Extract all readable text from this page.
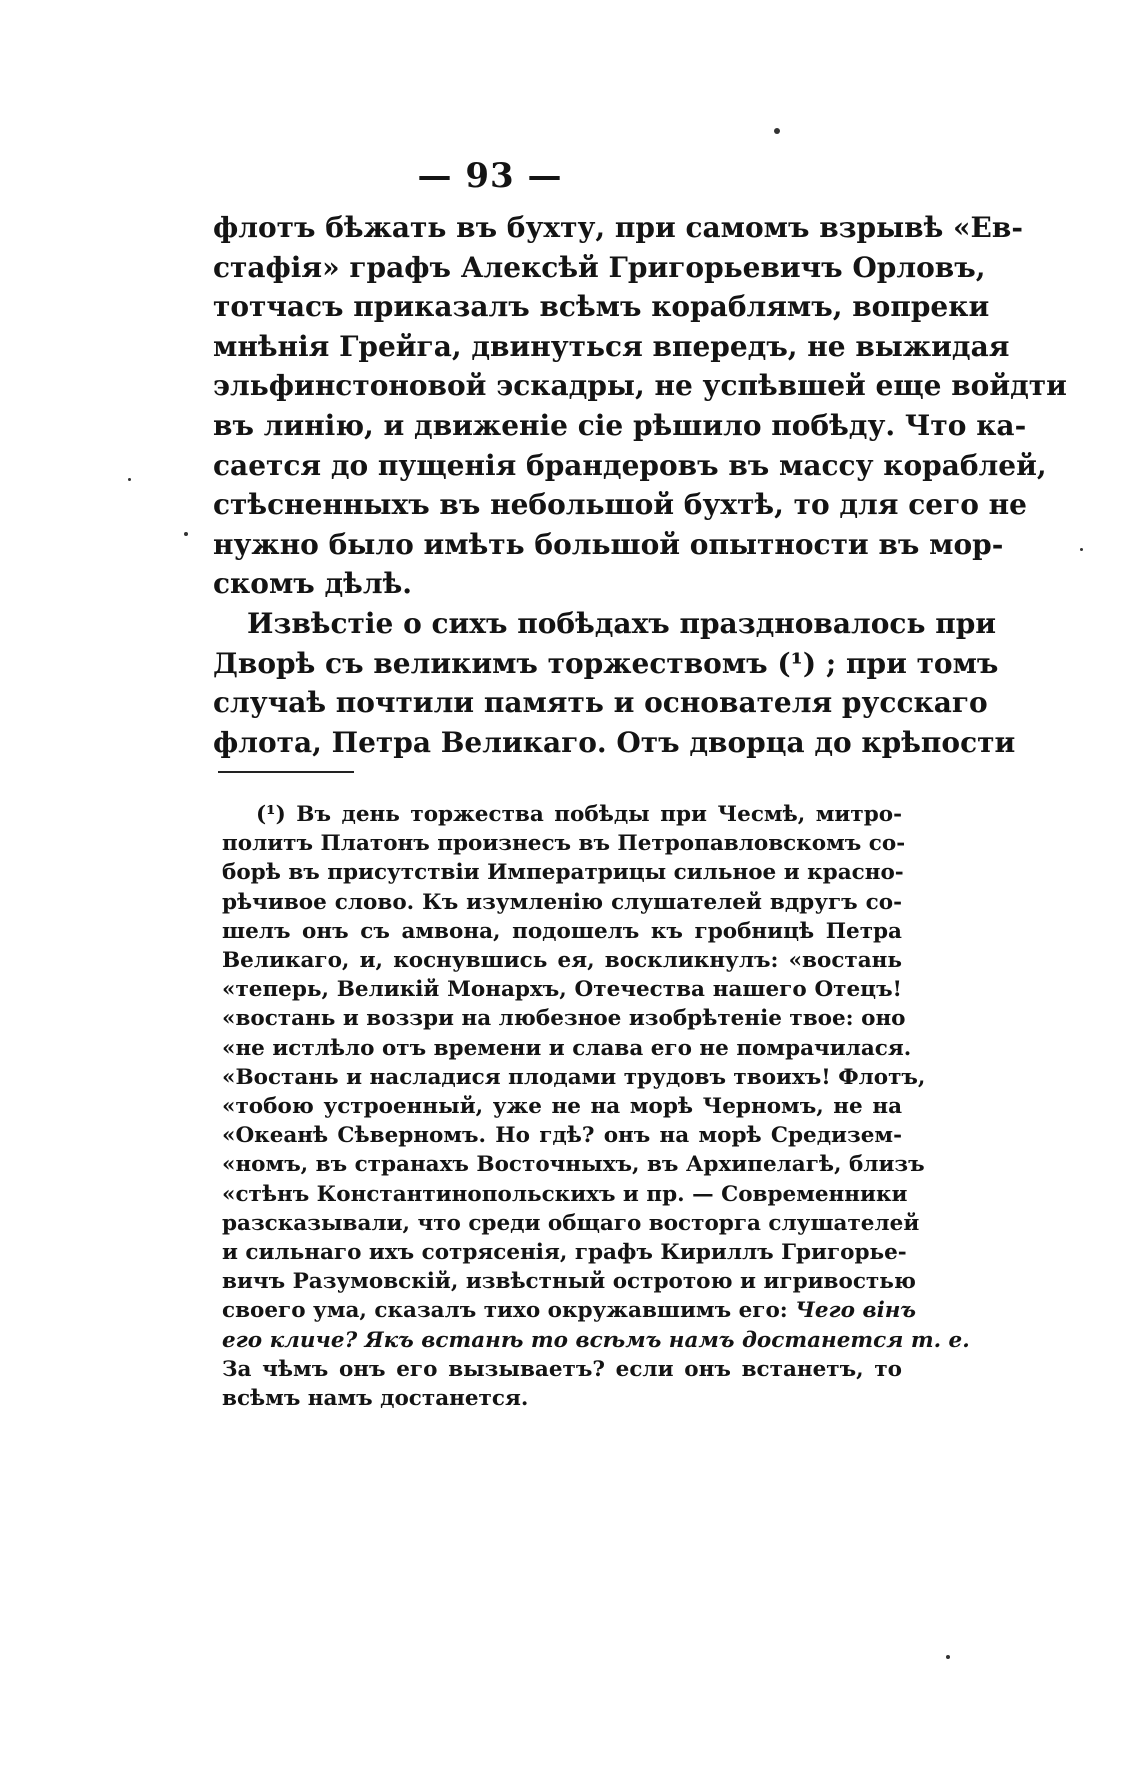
— 93 —
флотъ бѣжать въ бухту, при самомъ взрывѣ «Ев-
стафія» графъ Алексѣй Григорьевичъ Орловъ,
тотчасъ приказалъ всѣмъ кораблямъ, вопреки
мнѣнія Грейга, двинуться впередъ, не выжидая
эльфинстоновой эскадры, не успѣвшей еще войдти
въ линію, и движеніе сіе рѣшило побѣду. Что ка-
сается до пущенія брандеровъ въ массу кораблей,
стѣсненныхъ въ небольшой бухтѣ, то для сего не
нужно было имѣть большой опытности въ мор-
скомъ дѣлѣ.
Извѣстіе о сихъ побѣдахъ праздновалось при
Дворѣ съ великимъ торжествомъ (¹) ; при томъ
случаѣ почтили память и основателя русскаго
флота, Петра Великаго. Отъ дворца до крѣпости
(¹) Въ день торжества побѣды при Чесмѣ, митро-
политъ Платонъ произнесъ въ Петропавловскомъ со-
борѣ въ присутствіи Императрицы сильное и красно-
рѣчивое слово. Къ изумленію слушателей вдругъ со-
шелъ онъ съ амвона, подошелъ къ гробницѣ Петра
Великаго, и, коснувшись ея, воскликнулъ: «востань
«теперь, Великій Монархъ, Отечества нашего Отецъ!
«востань и воззри на любезное изобрѣтеніе твое: оно
«не истлѣло отъ времени и слава его не помрачилася.
«Востань и насладися плодами трудовъ твоихъ! Флотъ,
«тобою устроенный, уже не на морѣ Черномъ, не на
«Океанѣ Сѣверномъ. Но гдѣ? онъ на морѣ Средизем-
«номъ, въ странахъ Восточныхъ, въ Архипелагѣ, близъ
«стѣнъ Константинопольскихъ и пр. — Современники
разсказывали, что среди общаго восторга слушателей
и сильнаго ихъ сотрясенія, графъ Кириллъ Григорье-
вичъ Разумовскій, извѣстный остротою и игривостью
своего ума, сказалъ тихо окружавшимъ его: Чего вінъ
его кличе? Якъ встанѣ то всѣмъ намъ достанется т. е.
За чѣмъ онъ его вызываетъ? если онъ встанетъ, то
всѣмъ намъ достанется.
